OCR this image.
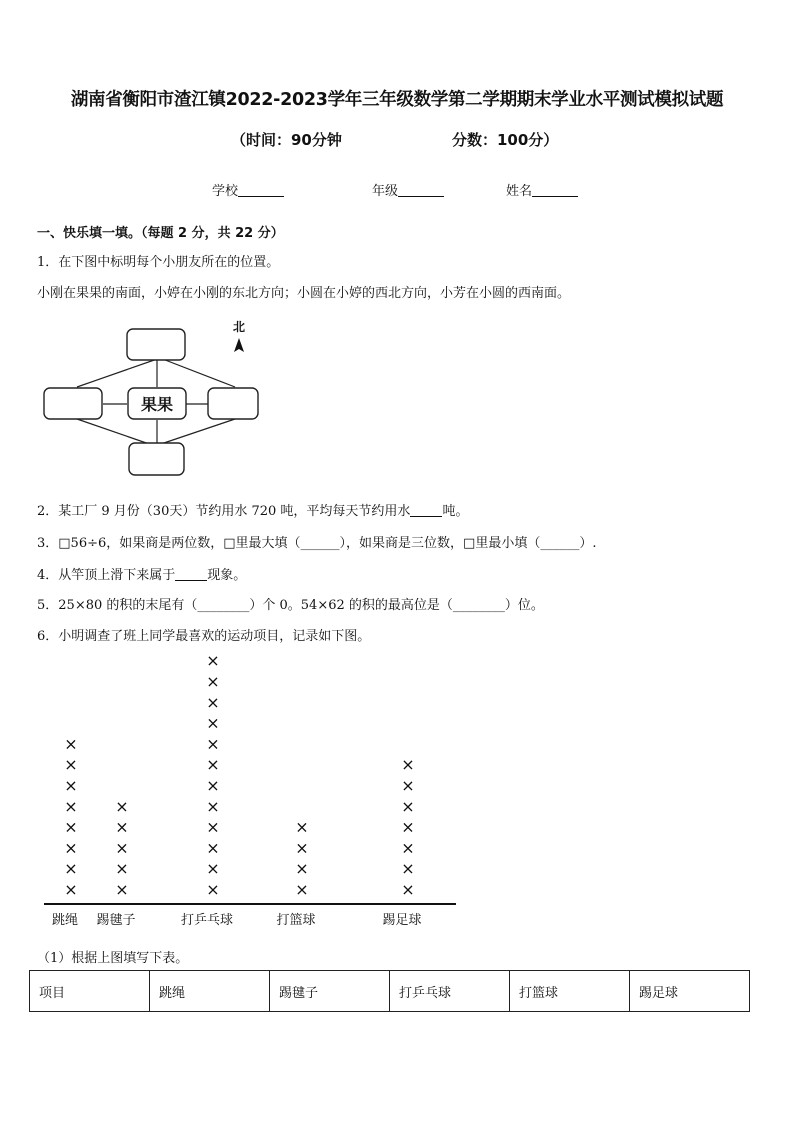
湖南省衡阳市渣江镇2022-2023学年三年级数学第二学期期末学业水平测试模拟试题
（时间：90分钟	分数：100分）
学校	年级	姓名
一、快乐填一填。（每题 2 分，共 22 分）
1．在下图中标明每个小朋友所在的位置。
小刚在果果的南面，小婷在小刚的东北方向；小圆在小婷的西北方向，小芳在小圆的西南面。
果果
北
2．某工厂 9 月份（30天）节约用水 720 吨，平均每天节约用水 吨。
3．□56÷6，如果商是两位数，□里最大填（______），如果商是三位数，□里最小填（______）.
4．从竿顶上滑下来属于 现象。
5．25×80 的积的末尾有（________）个 0。54×62 的积的最高位是（________）位。
6．小明调查了班上同学最喜欢的运动项目，记录如下图。
×
×
×
×
×
×
×
×
×
×
×
×
×
×
×
×
×
×
×
×
×
×
×
×
×
×
×
×
×
×
×
×
×
×
×
×
跳绳 踢毽子	打乒乓球	打篮球	踢足球
（1）根据上图填写下表。
项目	跳绳	踢毽子	打乒乓球	打篮球	踢足球
